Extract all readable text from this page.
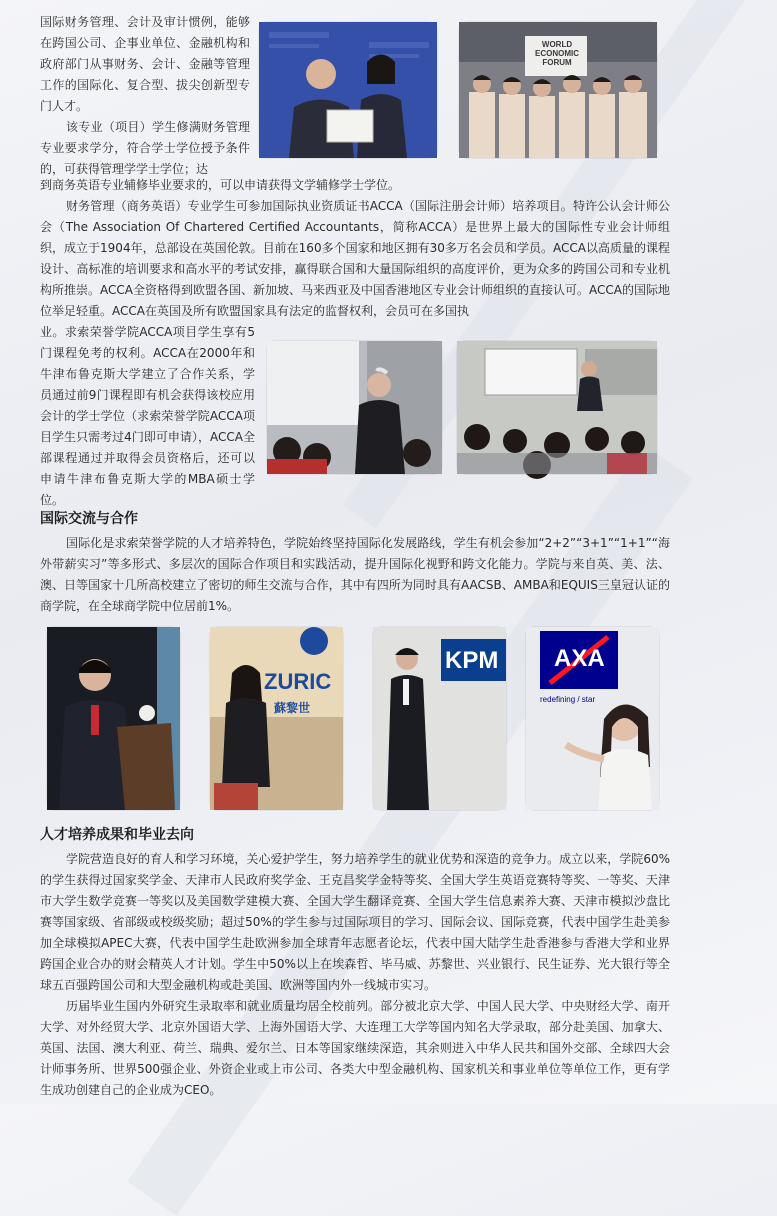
国际财务管理、会计及审计惯例，能够在跨国公司、企事业单位、金融机构和政府部门从事财务、会计、金融等管理工作的国际化、复合型、拔尖创新型专门人才。
该专业（项目）学生修满财务管理专业要求学分，符合学士学位授予条件的，可获得管理学学士学位；达
到商务英语专业辅修毕业要求的，可以申请获得文学辅修学士学位。
财务管理（商务英语）专业学生可参加国际执业资质证书ACCA（国际注册会计师）培养项目。特许公认会计师公会（The Association Of Chartered Certified Accountants，简称ACCA）是世界上最大的国际性专业会计师组织，成立于1904年，总部设在英国伦敦。目前在160多个国家和地区拥有30多万名会员和学员。ACCA以高质量的课程设计、高标准的培训要求和高水平的考试安排，赢得联合国和大量国际组织的高度评价，更为众多的跨国公司和专业机构所推崇。ACCA全资格得到欧盟各国、新加坡、马来西亚及中国香港地区专业会计师组织的直接认可。ACCA的国际地位举足轻重。ACCA在英国及所有欧盟国家具有法定的监督权利，会员可在多国执
业。求索荣誉学院ACCA项目学生享有5门课程免考的权利。ACCA在2000年和牛津布鲁克斯大学建立了合作关系，学员通过前9门课程即有机会获得该校应用会计的学士学位（求索荣誉学院ACCA项目学生只需考过4门即可申请），ACCA全部课程通过并取得会员资格后，还可以申请牛津布鲁克斯大学的MBA硕士学位。
WORLD
ECONOMIC
FORUM
国际交流与合作
国际化是求索荣誉学院的人才培养特色，学院始终坚持国际化发展路线，学生有机会参加“2+2”“3+1”“1+1”“海外带薪实习”等多形式、多层次的国际合作项目和实践活动，提升国际化视野和跨文化能力。学院与来自英、美、法、澳、日等国家十几所高校建立了密切的师生交流与合作，其中有四所为同时具有AACSB、AMBA和EQUIS三皇冠认证的商学院，在全球商学院中位居前1%。
ZURIC
蘇黎世
KPM AXA
redefining / star
人才培养成果和毕业去向
学院营造良好的育人和学习环境，关心爱护学生，努力培养学生的就业优势和深造的竞争力。成立以来，学院60%的学生获得过国家奖学金、天津市人民政府奖学金、王克昌奖学金特等奖、全国大学生英语竞赛特等奖、一等奖、天津市大学生数学竞赛一等奖以及美国数学建模大赛、全国大学生翻译竞赛、全国大学生信息素养大赛、天津市模拟沙盘比赛等国家级、省部级或校级奖励；超过50%的学生参与过国际项目的学习、国际会议、国际竞赛，代表中国学生赴美参加全球模拟APEC大赛，代表中国学生赴欧洲参加全球青年志愿者论坛，代表中国大陆学生赴香港参与香港大学和业界跨国企业合办的财会精英人才计划。学生中50%以上在埃森哲、毕马威、苏黎世、兴业银行、民生证券、光大银行等全球五百强跨国公司和大型金融机构或赴美国、欧洲等国内外一线城市实习。
历届毕业生国内外研究生录取率和就业质量均居全校前列。部分被北京大学、中国人民大学、中央财经大学、南开大学、对外经贸大学、北京外国语大学、上海外国语大学、大连理工大学等国内知名大学录取，部分赴美国、加拿大、英国、法国、澳大利亚、荷兰、瑞典、爱尔兰、日本等国家继续深造，其余则进入中华人民共和国外交部、全球四大会计师事务所、世界500强企业、外资企业或上市公司、各类大中型金融机构、国家机关和事业单位等单位工作，更有学生成功创建自己的企业成为CEO。
